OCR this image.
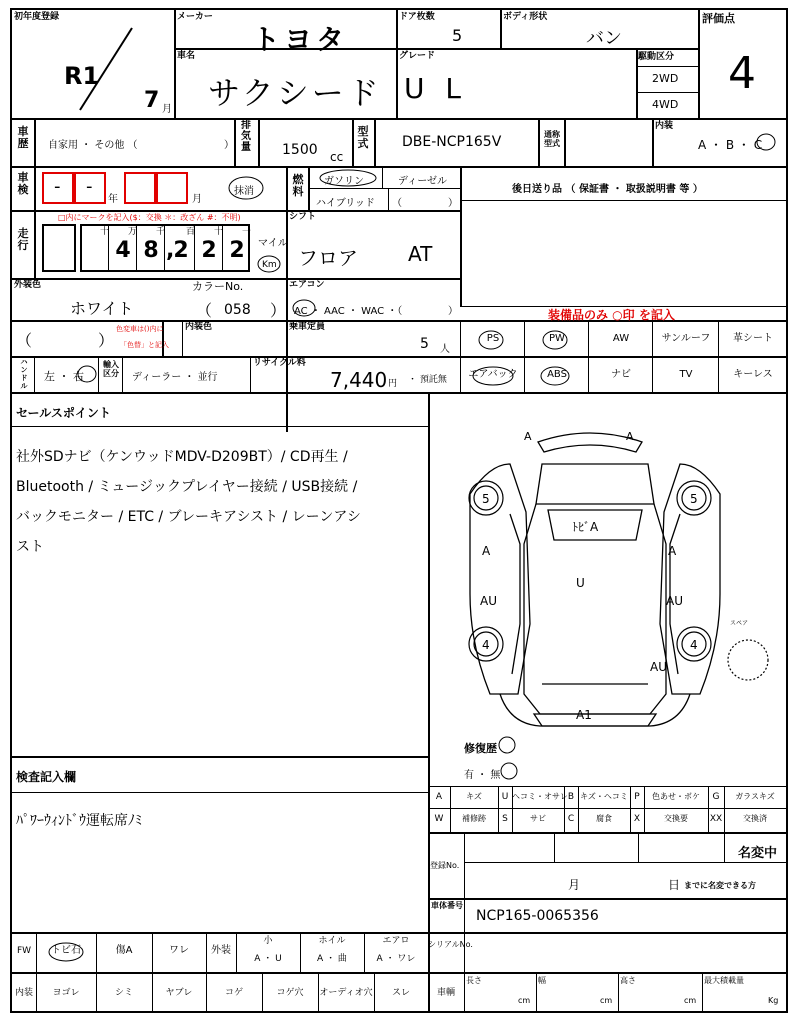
初年度登録
R1
7 月
メーカー
トヨタ
ドア枚数
5
ボディ形状
バン
評価点
4
車名
サクシード
グレード
U L
駆動区分
2WD
4WD
車歴 自家用 ・ その他 （	）
排気量 1500 cc
型式 DBE-NCP165V	通称型式
内装
A ・ B ・ C
車検 - -
年	月
抹消
燃料
ガソリン	ディーゼル
ハイブリッド （	）
後日送り品 （ 保証書 ・ 取扱説明書 等 ）
走行
□内にマークを記入($：交換 ＊：改ざん #：不明)
十 万 千 百 十 一
4 8 ,
2 2 2	マイル
Km
シフト
フロア	AT
外装色
ホワイト
カラーNo.
（ 058 ）
エアコン
AC ・ AAC ・ WAC ・（	）	装備品のみ ○印 を記入
（	）
色変車は()内に
「色替」と記入
内装色	乗車定員
5 人
PS	PW	AW	サンルーフ	革シート
エアバック	ABS	ナビ	TV	キーレス
ハンドル
左 ・ 右
輸入区分 ディーラー ・ 並行
リサイクル料
7,440 円 ・ 預託無
セールスポイント
社外SDナビ（ケンウッドMDV-D209BT）/ CD再生 /
Bluetooth / ミュージックプレイヤー接続 / USB接続 /
バックモニター / ETC / ブレーキアシスト / レーンアシ
スト
検査記入欄
ﾊﾟﾜｰｳｨﾝﾄﾞｳ運転席ﾉﾐ
A	A
ﾄﾋﾞA
A	A
U
AU	AU
AU
A1
5	5
4	4
スペア
修復歴
有 ・ 無
登録No.
名変中
月	日 までに名変できる方
車体番号
NCP165-0065356
A	キズ	U ヘコミ・オサレ B キズ・ヘコミ P	色あせ・ボケ	G	ガラスキズ
W	補修跡	S	サビ	C	腐食	X	交換要	XX	交換済
FW	トビ石	傷A	ワレ	外装
小
A ・ U
ホイル
A ・ 曲
エアロ
A ・ ワレ
シリアルNo.
内装	ヨゴレ	シミ	ヤブレ	コゲ	コゲ穴	オーディオ穴	スレ	車輌
長さ
cm
幅
cm
高さ
cm
最大積載量
Kg
